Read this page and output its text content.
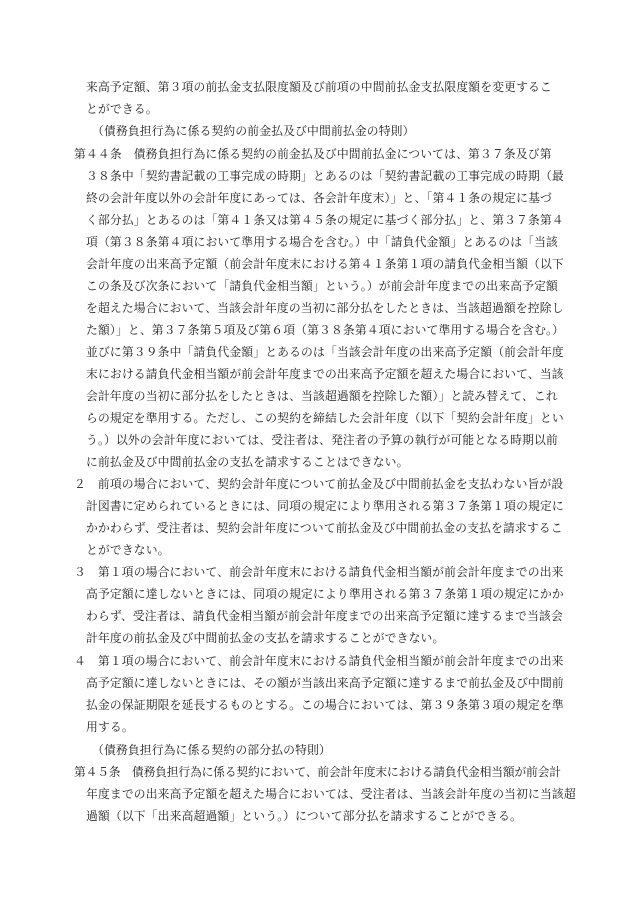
来高予定額、第３項の前払金支払限度額及び前項の中間前払金支払限度額を変更するこ
とができる。
（債務負担行為に係る契約の前金払及び中間前払金の特則）
第４４条　債務負担行為に係る契約の前金払及び中間前払金については、第３７条及び第
３８条中「契約書記載の工事完成の時期」とあるのは「契約書記載の工事完成の時期（最
終の会計年度以外の会計年度にあっては、各会計年度末）」と、「第４１条の規定に基づ
く部分払」とあるのは「第４１条又は第４５条の規定に基づく部分払」と、第３７条第４
項（第３８条第４項において準用する場合を含む。）中「請負代金額」とあるのは「当該
会計年度の出来高予定額（前会計年度末における第４１条第１項の請負代金相当額（以下
この条及び次条において「請負代金相当額」という。）が前会計年度までの出来高予定額
を超えた場合において、当該会計年度の当初に部分払をしたときは、当該超過額を控除し
た額）」と、第３７条第５項及び第６項（第３８条第４項において準用する場合を含む。）
並びに第３９条中「請負代金額」とあるのは「当該会計年度の出来高予定額（前会計年度
末における請負代金相当額が前会計年度までの出来高予定額を超えた場合において、当該
会計年度の当初に部分払をしたときは、当該超過額を控除した額）」と読み替えて、これ
らの規定を準用する。ただし、この契約を締結した会計年度（以下「契約会計年度」とい
う。）以外の会計年度においては、受注者は、発注者の予算の執行が可能となる時期以前
に前払金及び中間前払金の支払を請求することはできない。
２　前項の場合において、契約会計年度について前払金及び中間前払金を支払わない旨が設
計図書に定められているときには、同項の規定により準用される第３７条第１項の規定に
かかわらず、受注者は、契約会計年度について前払金及び中間前払金の支払を請求するこ
とができない。
３　第１項の場合において、前会計年度末における請負代金相当額が前会計年度までの出来
高予定額に達しないときには、同項の規定により準用される第３７条第１項の規定にかか
わらず、受注者は、請負代金相当額が前会計年度までの出来高予定額に達するまで当該会
計年度の前払金及び中間前払金の支払を請求することができない。
４　第１項の場合において、前会計年度末における請負代金相当額が前会計年度までの出来
高予定額に達しないときには、その額が当該出来高予定額に達するまで前払金及び中間前
払金の保証期限を延長するものとする。この場合においては、第３９条第３項の規定を準
用する。
（債務負担行為に係る契約の部分払の特則）
第４５条　債務負担行為に係る契約において、前会計年度末における請負代金相当額が前会計
年度までの出来高予定額を超えた場合においては、受注者は、当該会計年度の当初に当該超
過額（以下「出来高超過額」という。）について部分払を請求することができる。
